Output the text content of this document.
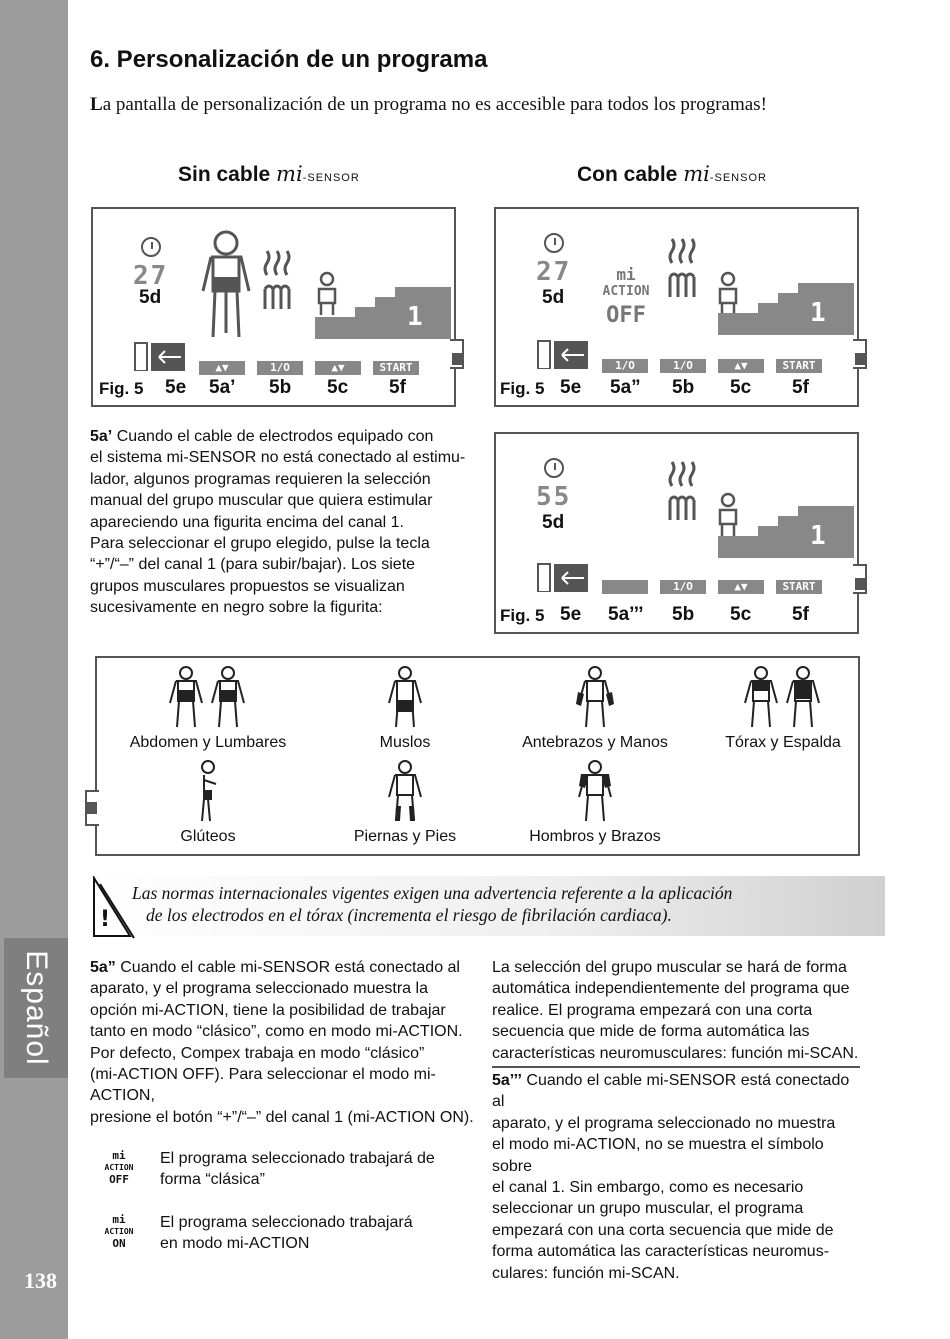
Español
138
6. Personalización de un programa
La pantalla de personalización de un programa no es accesible para todos los programas!
Sin cable mi-SENSOR	Con cable mi-SENSOR
27
5d
1
▲▼	1/O	▲▼	START
Fig. 5 5e 5a’ 5b 5c 5f
27
5d
mi
ACTION
OFF	1
1/O	1/O	▲▼	START
Fig. 5 5e 5a” 5b 5c 5f
55
5d	1
1/O	▲▼	START
Fig. 5 5e 5a’’’ 5b 5c 5f
5a’ Cuando el cable de electrodos equipado con
el sistema mi-SENSOR no está conectado al estimu-
lador, algunos programas requieren la selección
manual del grupo muscular que quiera estimular
apareciendo una figurita encima del canal 1.
Para seleccionar el grupo elegido, pulse la tecla
“+”/“–” del canal 1 (para subir/bajar). Los siete
grupos musculares propuestos se visualizan
sucesivamente en negro sobre la figurita:
Abdomen y Lumbares	Muslos	Antebrazos y Manos	Tórax y Espalda
Glúteos	Piernas y Pies	Hombros y Brazos
!
Las normas internacionales vigentes exigen una advertencia referente a la aplicación
de los electrodos en el tórax (incrementa el riesgo de fibrilación cardiaca).
5a” Cuando el cable mi-SENSOR está conectado al
aparato, y el programa seleccionado muestra la
opción mi-ACTION, tiene la posibilidad de trabajar
tanto en modo “clásico”, como en modo mi-ACTION.
Por defecto, Compex trabaja en modo “clásico”
(mi-ACTION OFF). Para seleccionar el modo mi-ACTION,
presione el botón “+”/“–” del canal 1 (mi-ACTION ON).
mi
ACTION
OFF
El programa seleccionado trabajará de
forma “clásica”
mi
ACTION
ON
El programa seleccionado trabajará
en modo mi-ACTION
La selección del grupo muscular se hará de forma
automática independientemente del programa que
realice. El programa empezará con una corta
secuencia que mide de forma automática las
características neuromusculares: función mi-SCAN.
5a’’’ Cuando el cable mi-SENSOR está conectado al
aparato, y el programa seleccionado no muestra
el modo mi-ACTION, no se muestra el símbolo sobre
el canal 1. Sin embargo, como es necesario
seleccionar un grupo muscular, el programa
empezará con una corta secuencia que mide de
forma automática las características neuromus-
culares: función mi-SCAN.
